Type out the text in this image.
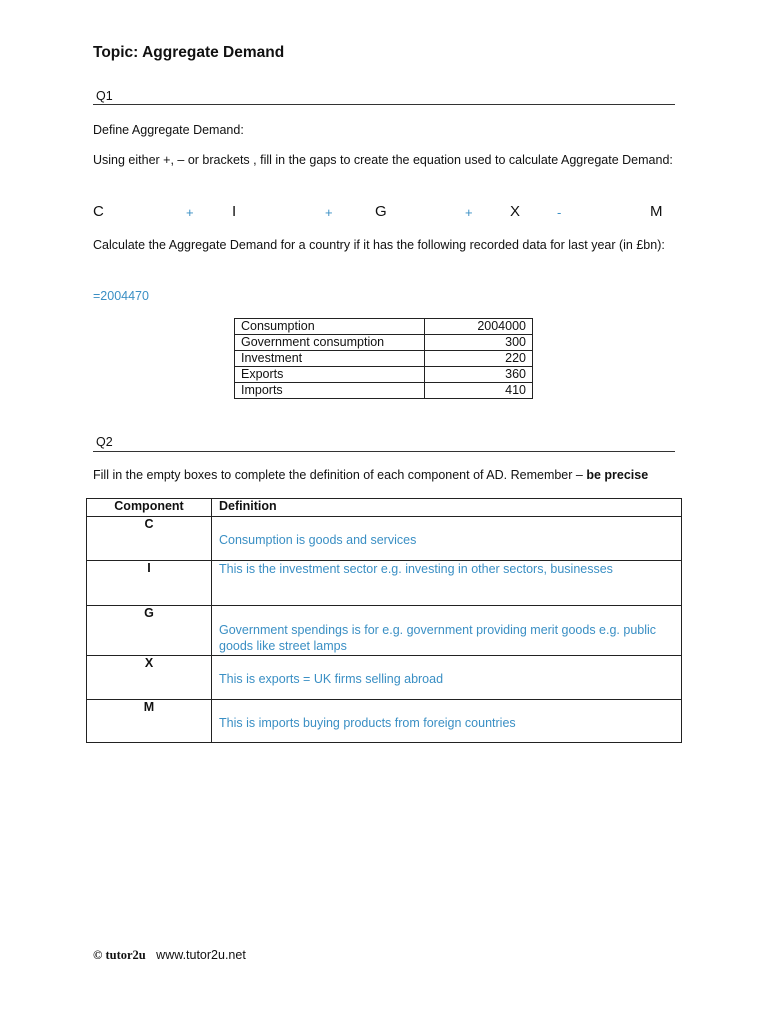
Topic: Aggregate Demand
Q1
Define Aggregate Demand:
Using either +, – or brackets , fill in the gaps to create the equation used to calculate Aggregate Demand:
C	+	I	+	G	+ X	-	M
Calculate the Aggregate Demand for a country if it has the following recorded data for last year (in £bn):
=2004470
Consumption	2004000
Government consumption	300
Investment	220
Exports	360
Imports	410
Q2
Fill in the empty boxes to complete the definition of each component of AD. Remember – be precise
Component	Definition
C	Consumption is goods and services
I	This is the investment sector e.g. investing in other sectors, businesses
G	Government spendings is for e.g. government providing merit goods e.g. public goods like street lamps
X	This is exports = UK firms selling abroad
M	This is imports buying products from foreign countries
© tutor2u www.tutor2u.net
